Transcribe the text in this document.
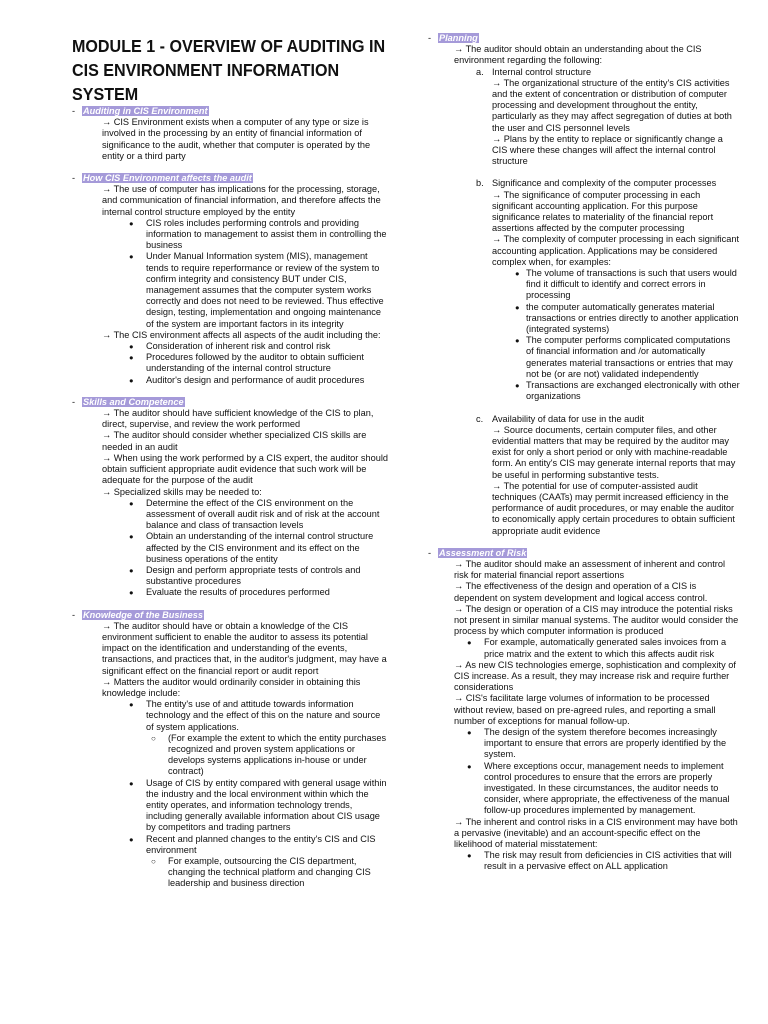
MODULE 1 - OVERVIEW OF AUDITING IN CIS ENVIRONMENT INFORMATION SYSTEM
- Auditing in CIS Environment
→ CIS Environment exists when a computer of any type or size is involved in the processing by an entity of financial information of significance to the audit, whether that computer is operated by the entity or a third party
- How CIS Environment affects the audit
→ The use of computer has implications for the processing, storage, and communication of financial information, and therefore affects the internal control structure employed by the entity
● CIS roles includes performing controls and providing information to management to assist them in controlling the business
● Under Manual Information system (MIS), management tends to require reperformance or review of the system to confirm integrity and consistency BUT under CIS, management assumes that the computer system works correctly and does not need to be reviewed. Thus effective design, testing, implementation and ongoing maintenance of the system are important factors in its integrity
→ The CIS environment affects all aspects of the audit including the:
● Consideration of inherent risk and control risk
● Procedures followed by the auditor to obtain sufficient understanding of the internal control structure
● Auditor's design and performance of audit procedures
- Skills and Competence
→ The auditor should have sufficient knowledge of the CIS to plan, direct, supervise, and review the work performed
→ The auditor should consider whether specialized CIS skills are needed in an audit
→ When using the work performed by a CIS expert, the auditor should obtain sufficient appropriate audit evidence that such work will be adequate for the purpose of the audit
→ Specialized skills may be needed to:
● Determine the effect of the CIS environment on the assessment of overall audit risk and of risk at the account balance and class of transaction levels
● Obtain an understanding of the internal control structure affected by the CIS environment and its effect on the business operations of the entity
● Design and perform appropriate tests of controls and substantive procedures
● Evaluate the results of procedures performed
- Knowledge of the Business
→ The auditor should have or obtain a knowledge of the CIS environment sufficient to enable the auditor to assess its potential impact on the identification and understanding of the events, transactions, and practices that, in the auditor's judgment, may have a significant effect on the financial report or audit report
→ Matters the auditor would ordinarily consider in obtaining this knowledge include:
● The entity's use of and attitude towards information technology and the effect of this on the nature and source of system applications.
○ (For example the extent to which the entity purchases recognized and proven system applications or develops systems applications in-house or under contract)
● Usage of CIS by entity compared with general usage within the industry and the local environment within which the entity operates, and information technology trends, including generally available information about CIS usage by competitors and trading partners
● Recent and planned changes to the entity's CIS and CIS environment
○ For example, outsourcing the CIS department, changing the technical platform and changing CIS leadership and business direction
- Planning
→ The auditor should obtain an understanding about the CIS environment regarding the following:
a. Internal control structure
→ The organizational structure of the entity's CIS activities and the extent of concentration or distribution of computer processing and development throughout the entity, particularly as they may affect segregation of duties at both the user and CIS personnel levels
→ Plans by the entity to replace or significantly change a CIS where these changes will affect the internal control structure
b. Significance and complexity of the computer processes
→ The significance of computer processing in each significant accounting application. For this purpose significance relates to materiality of the financial report assertions affected by the computer processing
→ The complexity of computer processing in each significant accounting application. Applications may be considered complex when, for examples:
● The volume of transactions is such that users would find it difficult to identify and correct errors in processing
● the computer automatically generates material transactions or entries directly to another application (integrated systems)
● The computer performs complicated computations of financial information and /or automatically generates material transactions or entries that may not be (or are not) validated independently
● Transactions are exchanged electronically with other organizations
c. Availability of data for use in the audit
→ Source documents, certain computer files, and other evidential matters that may be required by the auditor may exist for only a short period or only with machine-readable form. An entity's CIS may generate internal reports that may be useful in performing substantive tests.
→ The potential for use of computer-assisted audit techniques (CAATs) may permit increased efficiency in the performance of audit procedures, or may enable the auditor to economically apply certain procedures to obtain sufficient appropriate audit evidence
- Assessment of Risk
→ The auditor should make an assessment of inherent and control risk for material financial report assertions
→ The effectiveness of the design and operation of a CIS is dependent on system development and logical access control.
→ The design or operation of a CIS may introduce the potential risks not present in similar manual systems. The auditor would consider the process by which computer information is produced
● For example, automatically generated sales invoices from a price matrix and the extent to which this affects audit risk
→ As new CIS technologies emerge, sophistication and complexity of CIS increase. As a result, they may increase risk and require further considerations
→ CIS's facilitate large volumes of information to be processed without review, based on pre-agreed rules, and reporting a small number of exceptions for manual follow-up.
● The design of the system therefore becomes increasingly important to ensure that errors are properly identified by the system.
● Where exceptions occur, management needs to implement control procedures to ensure that the errors are properly investigated. In these circumstances, the auditor needs to consider, where appropriate, the effectiveness of the manual follow-up procedures implemented by management.
→ The inherent and control risks in a CIS environment may have both a pervasive (inevitable) and an account-specific effect on the likelihood of material misstatement:
● The risk may result from deficiencies in CIS activities that will result in a pervasive effect on ALL application
